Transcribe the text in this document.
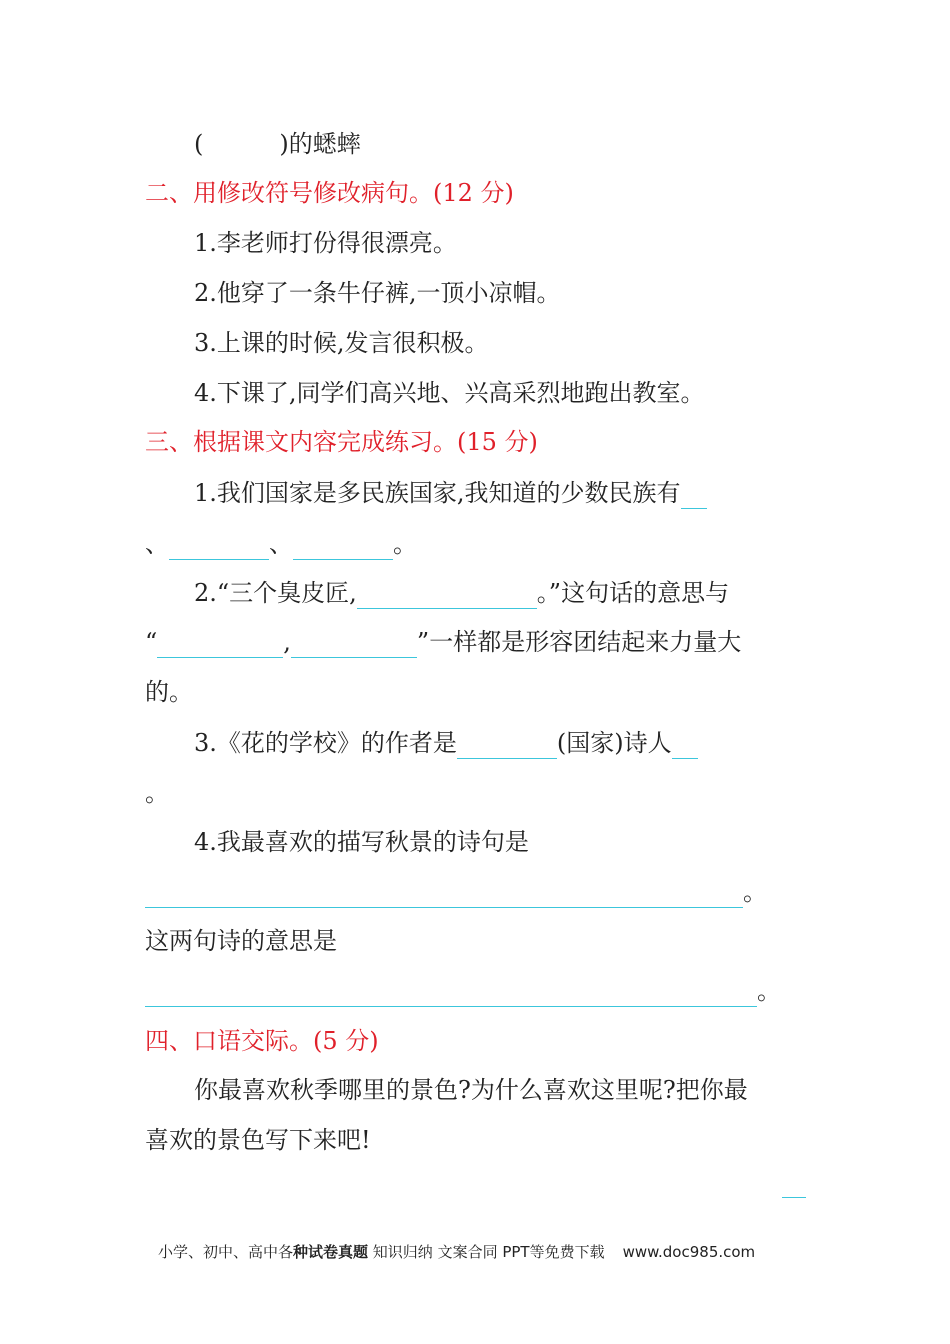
(	)的蟋蟀
二、用修改符号修改病句。(12 分)
1.李老师打份得很漂亮。
2.他穿了一条牛仔裤,一顶小凉帽。
3.上课的时候,发言很积极。
4.下课了,同学们高兴地、兴高采烈地跑出教室。
三、根据课文内容完成练习。(15 分)
1.我们国家是多民族国家,我知道的少数民族有
、	、	。
2.“三个臭皮匠,	。”这句话的意思与
“	,	”一样都是形容团结起来力量大
的。
3.《花的学校》的作者是	(国家)诗人
。
4.我最喜欢的描写秋景的诗句是
。
这两句诗的意思是
。
四、口语交际。(5 分)
你最喜欢秋季哪里的景色?为什么喜欢这里呢?把你最
喜欢的景色写下来吧!
小学、初中、高中各种试卷真题 知识归纳 文案合同 PPT等免费下载 www.doc985.com
